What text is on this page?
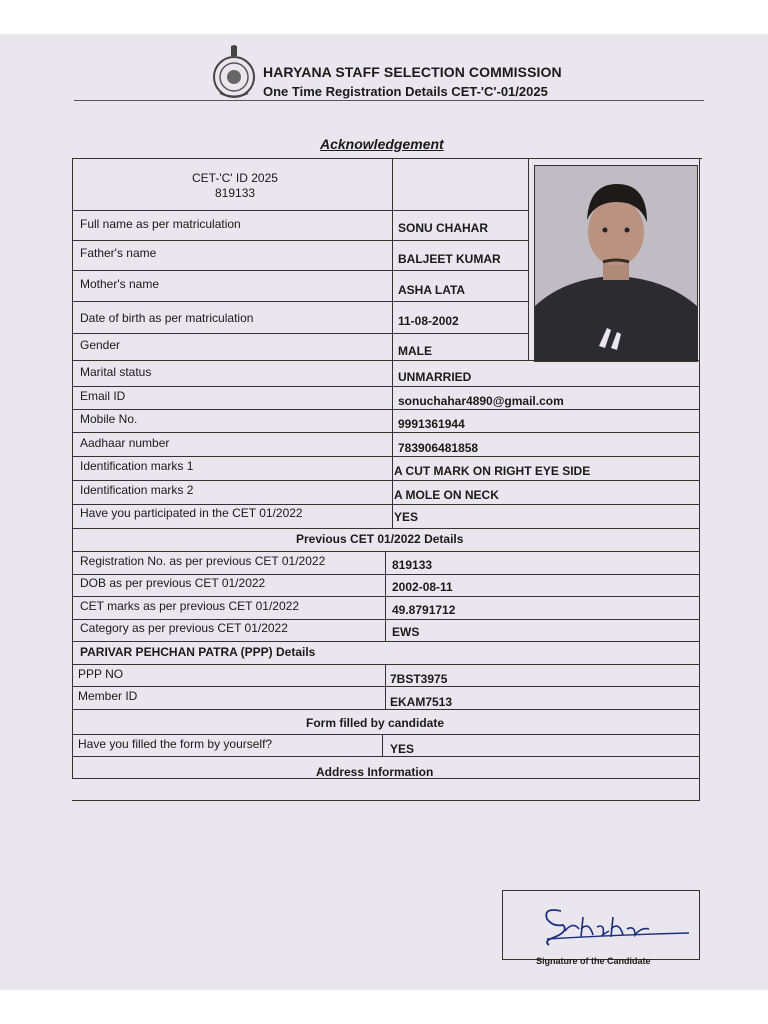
HARYANA STAFF SELECTION COMMISSION
One Time Registration Details CET-'C'-01/2025
Acknowledgement
CET-'C' ID 2025
819133
Full name as per matriculation	SONU CHAHAR
Father's name	BALJEET KUMAR
Mother's name	ASHA LATA
Date of birth as per matriculation	11-08-2002
Gender	MALE
Marital status	UNMARRIED
Email ID	sonuchahar4890@gmail.com
Mobile No.	9991361944
Aadhaar number	783906481858
Identification marks 1	A CUT MARK ON RIGHT EYE SIDE
Identification marks 2	A MOLE ON NECK
Have you participated in the CET 01/2022	YES
Previous CET 01/2022 Details
Registration No. as per previous CET 01/2022	819133
DOB as per previous CET 01/2022	2002-08-11
CET marks as per previous CET 01/2022	49.8791712
Category as per previous CET 01/2022	EWS
PARIVAR PEHCHAN PATRA (PPP) Details
PPP NO	7BST3975
Member ID	EKAM7513
Form filled by candidate
Have you filled the form by yourself?	YES
Address Information
Signature of the Candidate
